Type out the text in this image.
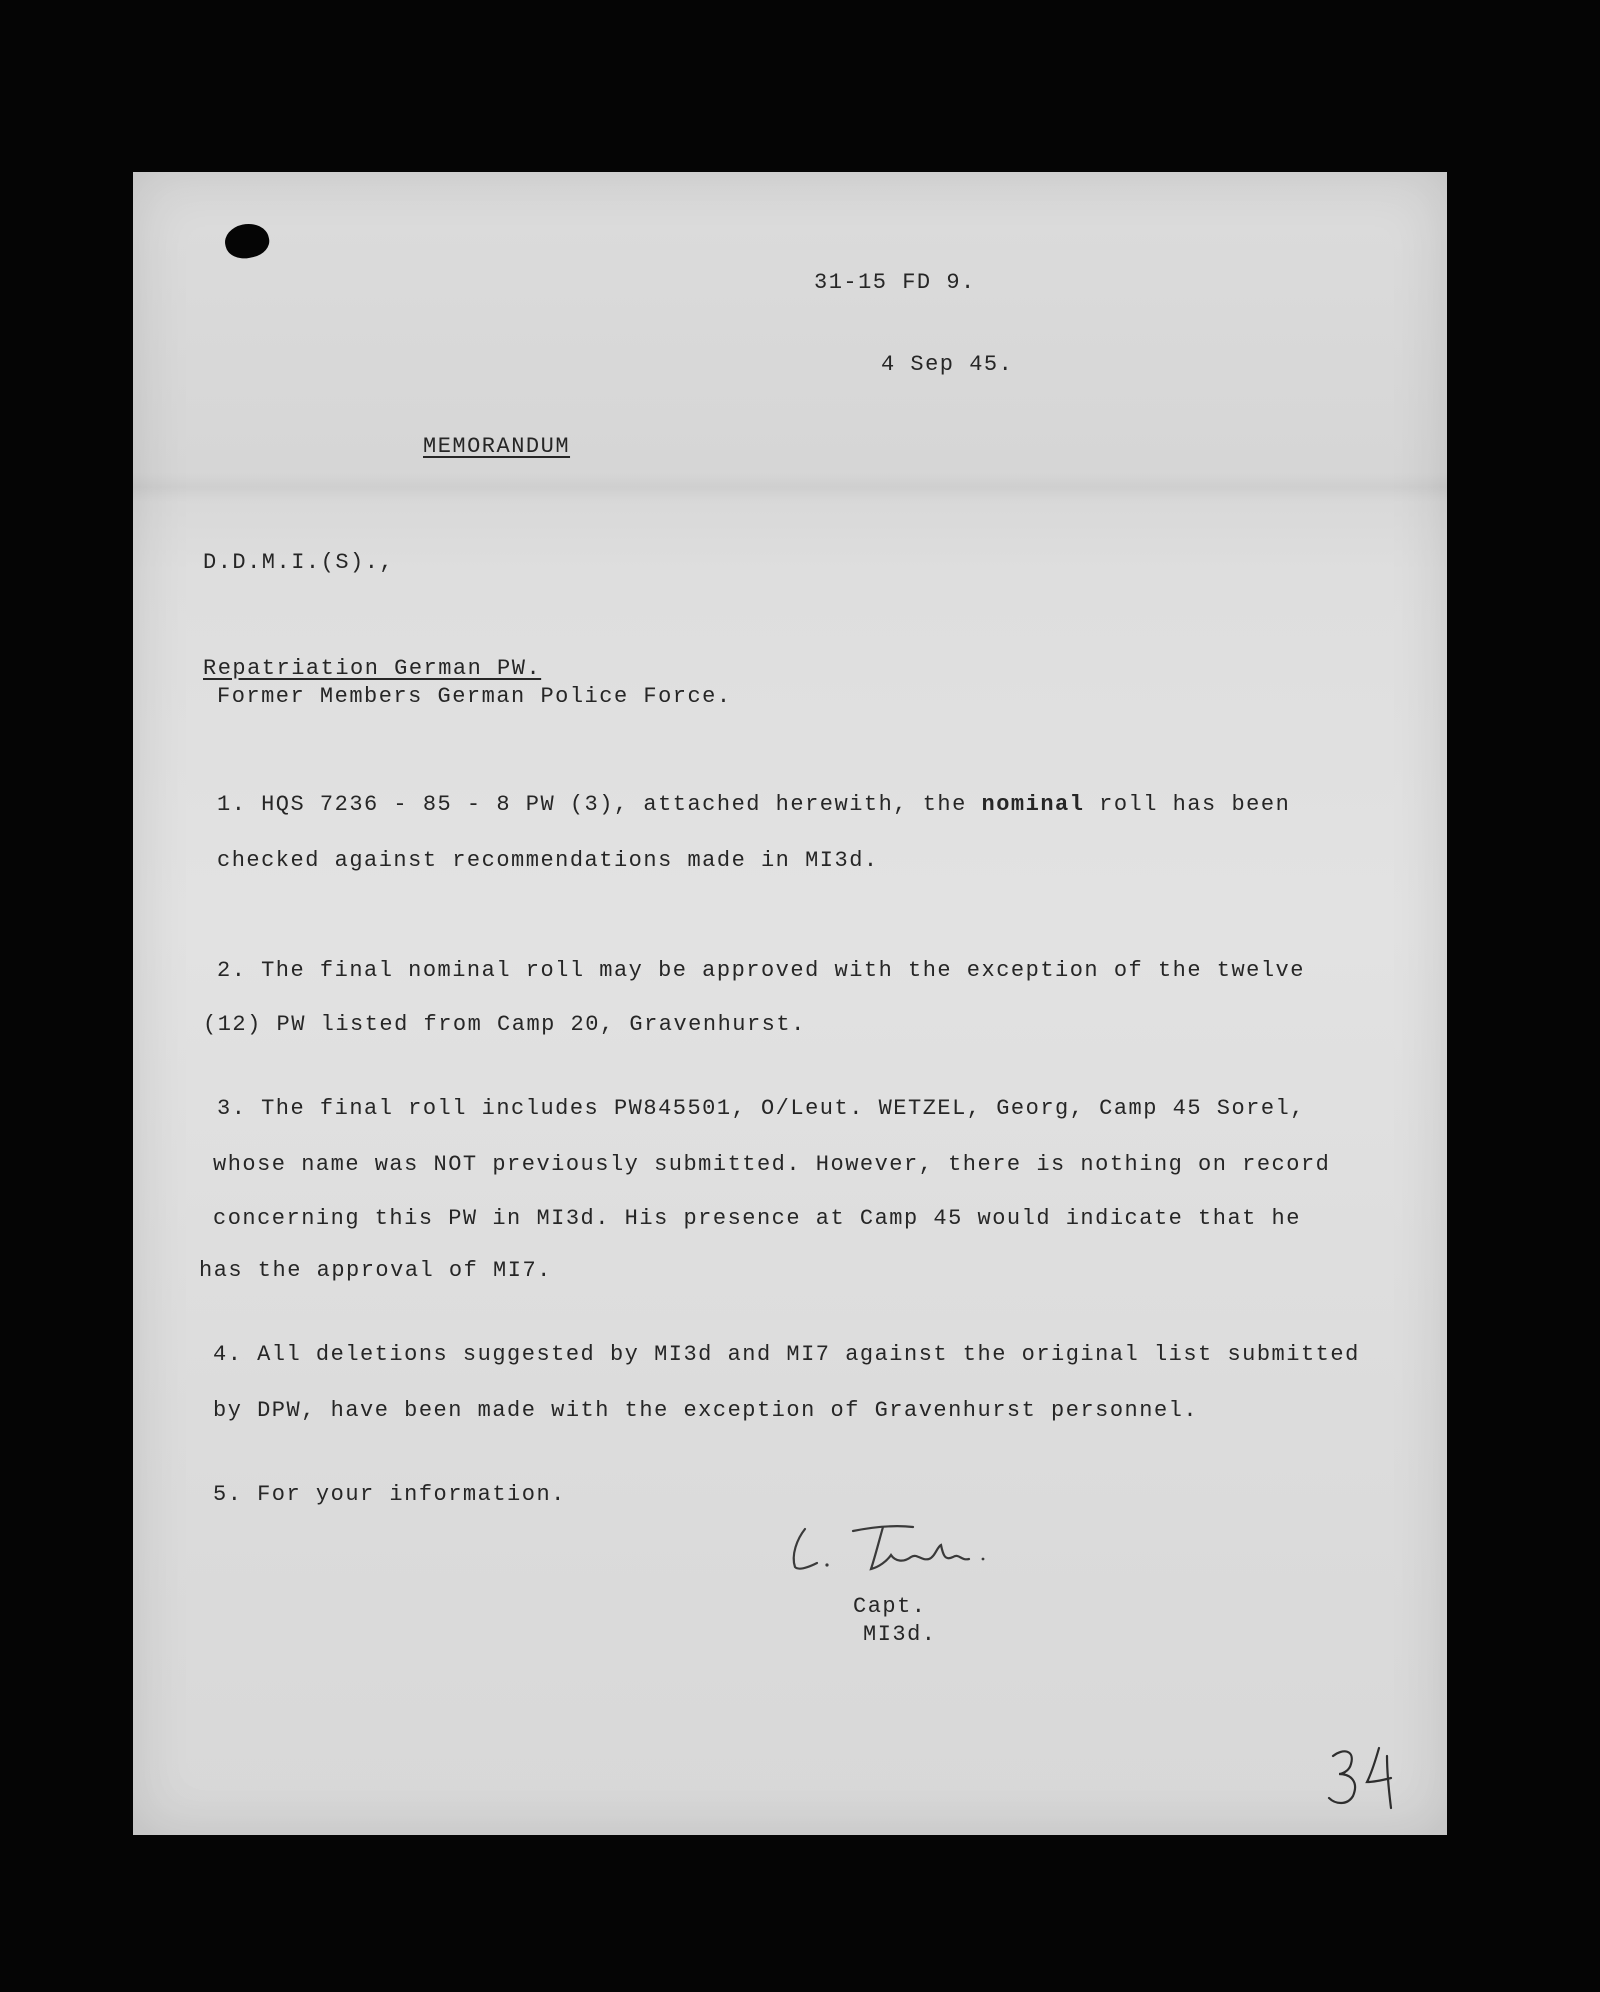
31-15 FD 9.
4 Sep 45.
MEMORANDUM
D.D.M.I.(S).,
Repatriation German PW.
Former Members German Police Force.
1. HQS 7236 - 85 - 8 PW (3), attached herewith, the nominal roll has been
checked against recommendations made in MI3d.
2. The final nominal roll may be approved with the exception of the twelve
(12) PW listed from Camp 20, Gravenhurst.
3. The final roll includes PW845501, O/Leut. WETZEL, Georg, Camp 45 Sorel,
whose name was NOT previously submitted. However, there is nothing on record
concerning this PW in MI3d. His presence at Camp 45 would indicate that he
has the approval of MI7.
4. All deletions suggested by MI3d and MI7 against the original list submitted
by DPW, have been made with the exception of Gravenhurst personnel.
5. For your information.
Capt.
MI3d.
